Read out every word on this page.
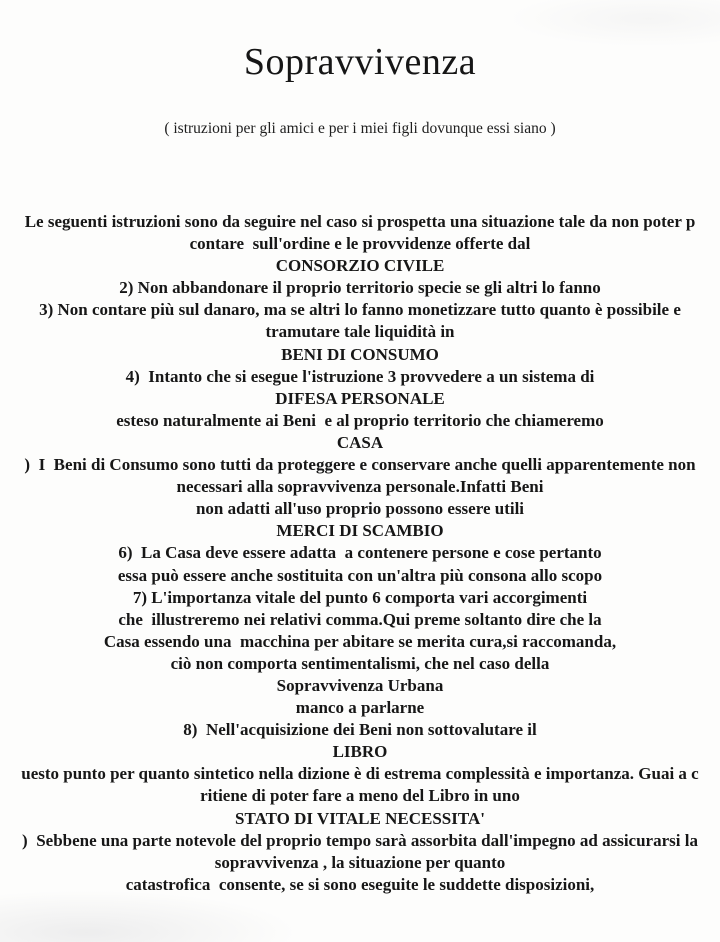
Sopravvivenza
( istruzioni per gli amici e per i miei figli dovunque essi siano )
Le seguenti istruzioni sono da seguire nel caso si prospetta una situazione tale da non poter p
contare  sull'ordine e le provvidenze offerte dal
CONSORZIO CIVILE
2) Non abbandonare il proprio territorio specie se gli altri lo fanno
3) Non contare più sul danaro, ma se altri lo fanno monetizzare tutto quanto è possibile e
tramutare tale liquidità in
BENI DI CONSUMO
4)  Intanto che si esegue l'istruzione 3 provvedere a un sistema di
DIFESA PERSONALE
esteso naturalmente ai Beni  e al proprio territorio che chiameremo
CASA
)  I  Beni di Consumo sono tutti da proteggere e conservare anche quelli apparentemente non
necessari alla sopravvivenza personale.Infatti Beni
non adatti all'uso proprio possono essere utili
MERCI DI SCAMBIO
6)  La Casa deve essere adatta  a contenere persone e cose pertanto
essa può essere anche sostituita con un'altra più consona allo scopo
7) L'importanza vitale del punto 6 comporta vari accorgimenti
che  illustreremo nei relativi comma.Qui preme soltanto dire che la
Casa essendo una  macchina per abitare se merita cura,si raccomanda,
ciò non comporta sentimentalismi, che nel caso della
Sopravvivenza Urbana
manco a parlarne
8)  Nell'acquisizione dei Beni non sottovalutare il
LIBRO
uesto punto per quanto sintetico nella dizione è di estrema complessità e importanza. Guai a c
ritiene di poter fare a meno del Libro in uno
STATO DI VITALE NECESSITA'
)  Sebbene una parte notevole del proprio tempo sarà assorbita dall'impegno ad assicurarsi la
sopravvivenza , la situazione per quanto
catastrofica  consente, se si sono eseguite le suddette disposizioni,
